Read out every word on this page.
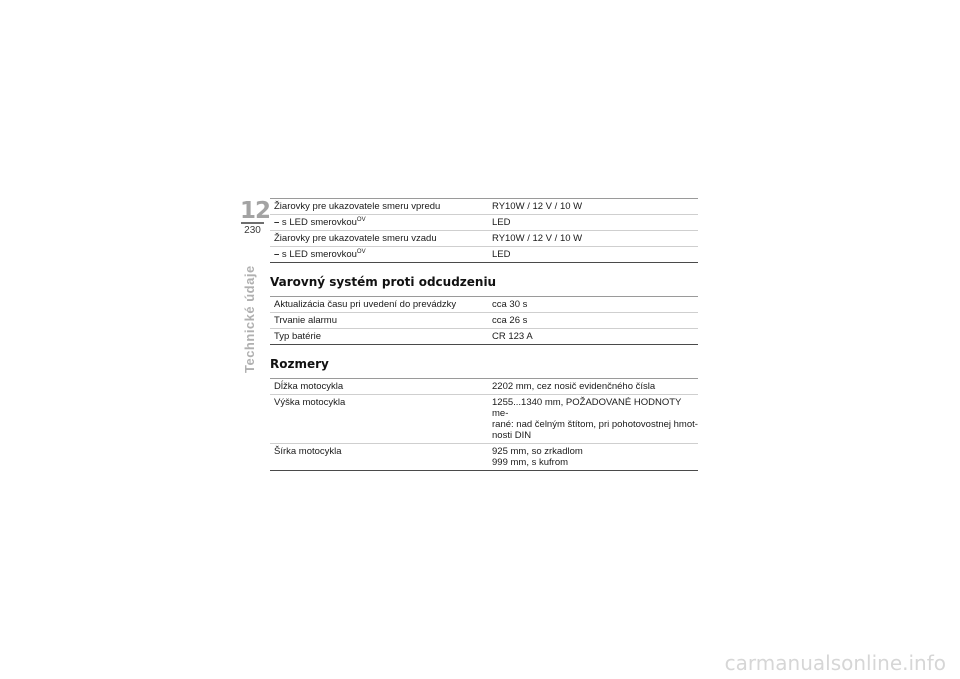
12
230
Technické údaje
Žiarovky pre ukazovatele smeru vpredu	RY10W / 12 V / 10 W
– s LED smerovkou$^{OV}$	LED
Žiarovky pre ukazovatele smeru vzadu	RY10W / 12 V / 10 W
– s LED smerovkou$^{OV}$	LED
Varovný systém proti odcudzeniu
Aktualizácia času pri uvedení do prevádzky	cca 30 s
Trvanie alarmu	cca 26 s
Typ batérie	CR 123 A
Rozmery
Dĺžka motocykla	2202 mm, cez nosič evidenčného čísla

Výška motocykla	1255...1340 mm, POŽADOVANÉ HODNOTY me-
rané: nad čelným štítom, pri pohotovostnej hmot-
nosti DIN

Šírka motocykla	925 mm, so zrkadlom
999 mm, s kufrom
carmanualsonline.info
